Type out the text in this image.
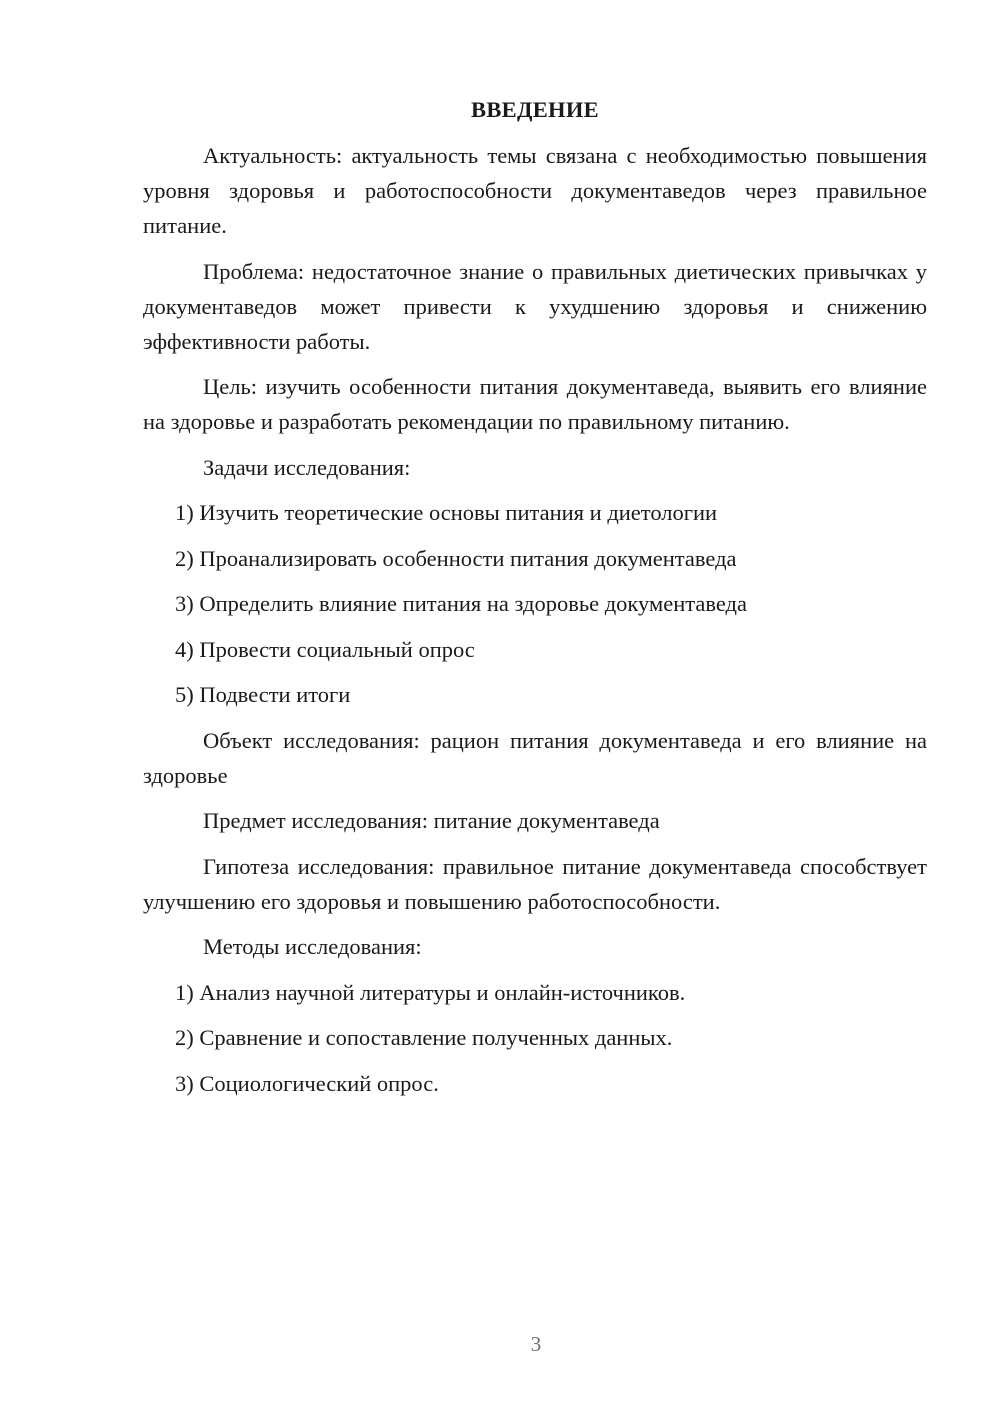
ВВЕДЕНИЕ

Актуальность: актуальность темы связана с необходимостью повышения уровня здоровья и работоспособности документаведов через правильное питание.

Проблема: недостаточное знание о правильных диетических привычках у документаведов может привести к ухудшению здоровья и снижению эффективности работы.

Цель: изучить особенности питания документаведа, выявить его влияние на здоровье и разработать рекомендации по правильному питанию.

Задачи исследования:

1) Изучить теоретические основы питания и диетологии
2) Проанализировать особенности питания документаведа
3) Определить влияние питания на здоровье документаведа
4) Провести социальный опрос
5) Подвести итоги

Объект исследования: рацион питания документаведа и его влияние на здоровье

Предмет исследования: питание документаведа

Гипотеза исследования: правильное питание документаведа способствует улучшению его здоровья и повышению работоспособности.

Методы исследования:

1) Анализ научной литературы и онлайн-источников.
2) Сравнение и сопоставление полученных данных.
3) Социологический опрос.
3
